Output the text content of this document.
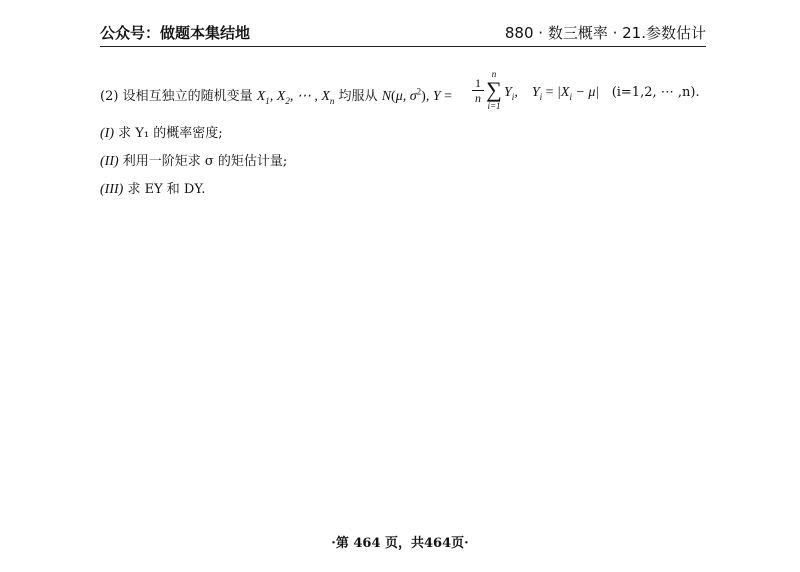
公众号：做题本集结地	880 · 数三概率 · 21.参数估计
(2) 设相互独立的随机变量 $X_1$, $X_2$, ⋯ , $X_n$ 均服从 N(μ, $\sigma^2$), $Y = \frac{1}{n}$
n
∑
i=1
$Y_i$,    $Y_i = |X_i - \mu|$ (i=1,2, ⋯ ,n).
(I) 求 Y₁ 的概率密度;
(II) 利用一阶矩求 σ 的矩估计量;
(III) 求 EY 和 DY.
·第 464 页，共464页·
